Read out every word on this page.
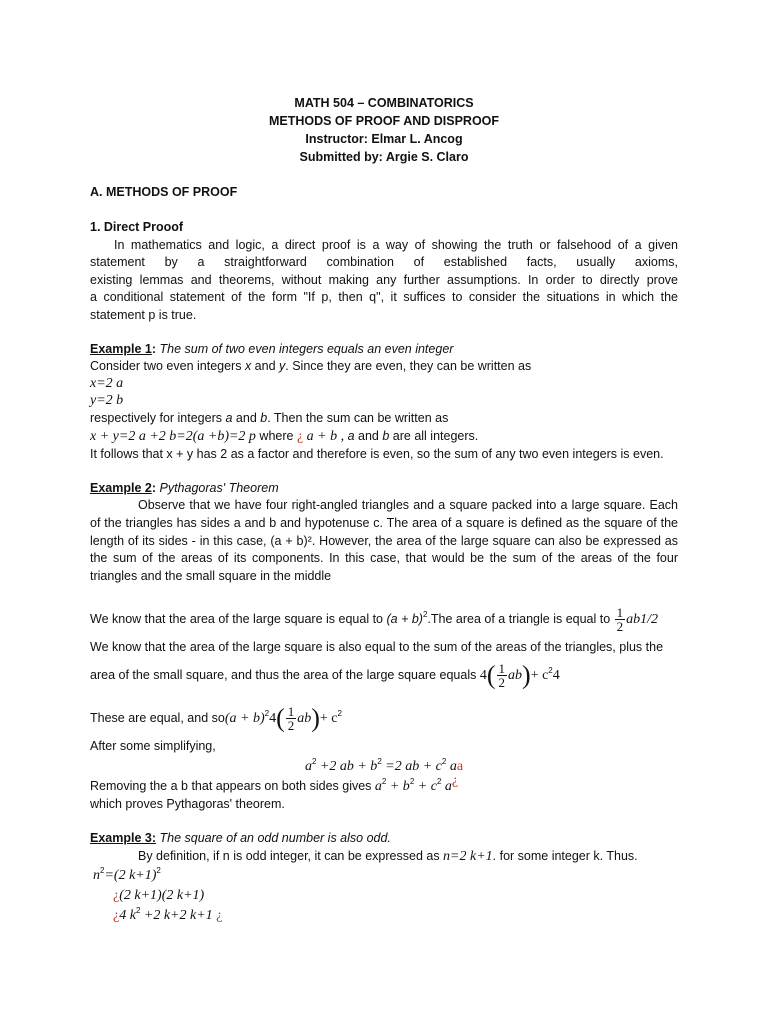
MATH 504 – COMBINATORICS
METHODS OF PROOF AND DISPROOF
Instructor: Elmar L. Ancog
Submitted by: Argie S. Claro
A. METHODS OF PROOF
1. Direct Prooof
In mathematics and logic, a direct proof is a way of showing the truth or falsehood of a given
statement by a straightforward combination of established facts, usually axioms,
existing lemmas and theorems, without making any further assumptions. In order to directly prove
a conditional statement of the form "If p, then q", it suffices to consider the situations in which the
statement p is true.
Example 1: The sum of two even integers equals an even integer
Consider two even integers x and y. Since they are even, they can be written as
x=2 a
y=2 b
respectively for integers a and b. Then the sum can be written as
x + y=2 a +2 b=2(a +b)=2 p where ¿ a + b , a and b are all integers.
It follows that x + y has 2 as a factor and therefore is even, so the sum of any two even integers is even.
Example 2: Pythagoras' Theorem
Observe that we have four right-angled triangles and a square packed into a large square. Each
of the triangles has sides a and b and hypotenuse c. The area of a square is defined as the square of the
length of its sides - in this case, (a + b)². However, the area of the large square can also be expressed as
the sum of the areas of its components. In this case, that would be the sum of the areas of the four
triangles and the small square in the middle
We know that the area of the large square is equal to $(a + b)^2.The$ area of a triangle is equal to $\frac{1}{2} ab1/2$
We know that the area of the large square is also equal to the sum of the areas of the triangles, plus the
area of the small square, and thus the area of the large square equals $4( \frac{1}{2} ab)+ c^24$
These are equal, and $so(a + b)^24( \frac{1}{2} ab)+ c^2$
After some simplifying,
$a^2 +2$ ab + $b^2 =2$ ab + $c^2$ aa
Removing the a b that appears on both sides gives $a^2 + b^2 + c^2$ a¿
which proves Pythagoras' theorem.
Example 3: The square of an odd number is also odd.
By definition, if n is odd integer, it can be expressed as n=2 k+1. for some integer k. Thus.
$n^2=(2$ k+1)$^2$
¿(2 k+1)(2 k+1)
¿4 $k^2 +2$ k+2 k+1 ¿
